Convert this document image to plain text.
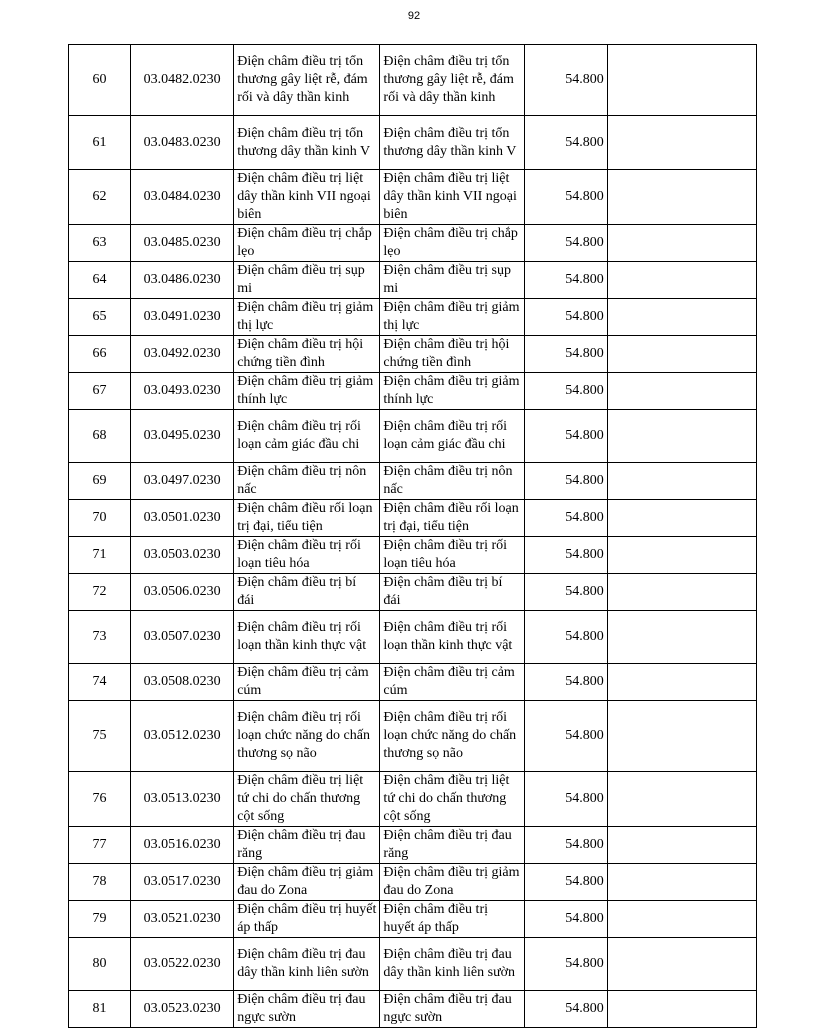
92
60	03.0482.0230	Điện châm điều trị tổn thương gây liệt rễ, đám rối và dây thần kinh	Điện châm điều trị tổn thương gây liệt rễ, đám rối và dây thần kinh	54.800	
61	03.0483.0230	Điện châm điều trị tổn thương dây thần kinh V	Điện châm điều trị tổn thương dây thần kinh V	54.800	
62	03.0484.0230	Điện châm điều trị liệt dây thần kinh VII ngoại biên	Điện châm điều trị liệt dây thần kinh VII ngoại biên	54.800	
63	03.0485.0230	Điện châm điều trị chắp lẹo	Điện châm điều trị chắp lẹo	54.800	
64	03.0486.0230	Điện châm điều trị sụp mi	Điện châm điều trị sụp mi	54.800	
65	03.0491.0230	Điện châm điều trị giảm thị lực	Điện châm điều trị giảm thị lực	54.800	
66	03.0492.0230	Điện châm điều trị hội chứng tiền đình	Điện châm điều trị hội chứng tiền đình	54.800	
67	03.0493.0230	Điện châm điều trị giảm thính lực	Điện châm điều trị giảm thính lực	54.800	
68	03.0495.0230	Điện châm điều trị rối loạn cảm giác đầu chi	Điện châm điều trị rối loạn cảm giác đầu chi	54.800	
69	03.0497.0230	Điện châm điều trị nôn nấc	Điện châm điều trị nôn nấc	54.800	
70	03.0501.0230	Điện châm điều rối loạn trị đại, tiểu tiện	Điện châm điều rối loạn trị đại, tiểu tiện	54.800	
71	03.0503.0230	Điện châm điều trị rối loạn tiêu hóa	Điện châm điều trị rối loạn tiêu hóa	54.800	
72	03.0506.0230	Điện châm điều trị bí đái	Điện châm điều trị bí đái	54.800	
73	03.0507.0230	Điện châm điều trị rối loạn thần kinh thực vật	Điện châm điều trị rối loạn thần kinh thực vật	54.800	
74	03.0508.0230	Điện châm điều trị cảm cúm	Điện châm điều trị cảm cúm	54.800	
75	03.0512.0230	Điện châm điều trị rối loạn chức năng do chấn thương sọ não	Điện châm điều trị rối loạn chức năng do chấn thương sọ não	54.800	
76	03.0513.0230	Điện châm điều trị liệt tứ chi do chấn thương cột sống	Điện châm điều trị liệt tứ chi do chấn thương cột sống	54.800	
77	03.0516.0230	Điện châm điều trị đau răng	Điện châm điều trị đau răng	54.800	
78	03.0517.0230	Điện châm điều trị giảm đau do Zona	Điện châm điều trị giảm đau do Zona	54.800	
79	03.0521.0230	Điện châm điều trị huyết áp thấp	Điện châm điều trị huyết áp thấp	54.800	
80	03.0522.0230	Điện châm điều trị đau dây thần kinh liên sườn	Điện châm điều trị đau dây thần kinh liên sườn	54.800	
81	03.0523.0230	Điện châm điều trị đau ngực sườn	Điện châm điều trị đau ngực sườn	54.800	
